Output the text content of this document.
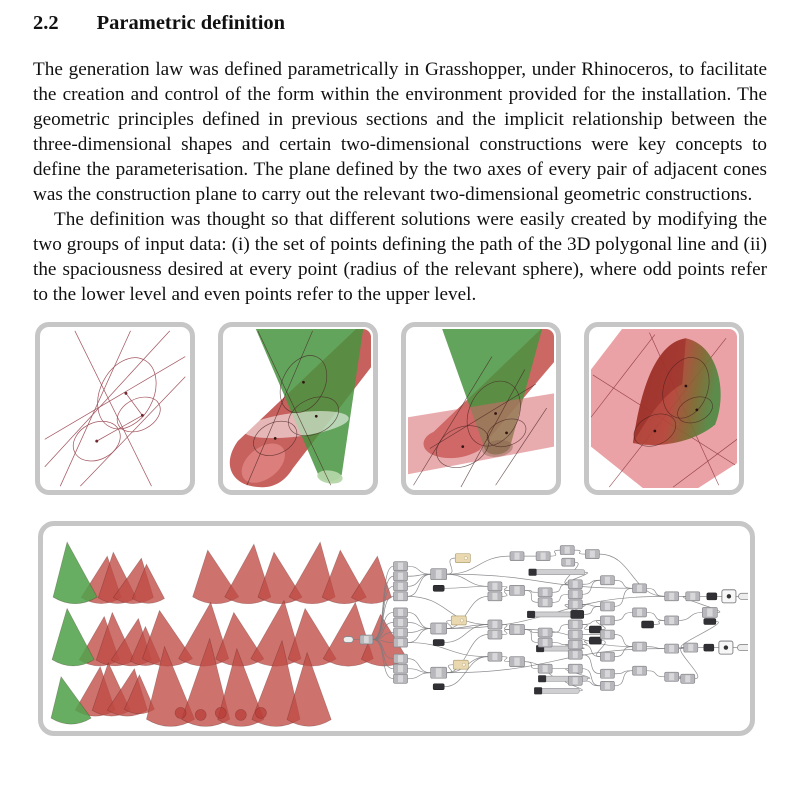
2.2 Parametric definition

The generation law was defined parametrically in Grasshopper, under Rhinoceros, to facilitate the creation and control of the form within the environment provided for the installation. The geometric principles defined in previous sections and the implicit relationship between the three-dimensional shapes and certain two-dimensional constructions were key concepts to define the parameterisation. The plane defined by the two axes of every pair of adjacent cones was the construction plane to carry out the relevant two-dimensional geometric constructions.

The definition was thought so that different solutions were easily created by modifying the two groups of input data: (i) the set of points defining the path of the 3D polygonal line and (ii) the spaciousness desired at every point (radius of the relevant sphere), where odd points refer to the lower level and even points refer to the upper level.
